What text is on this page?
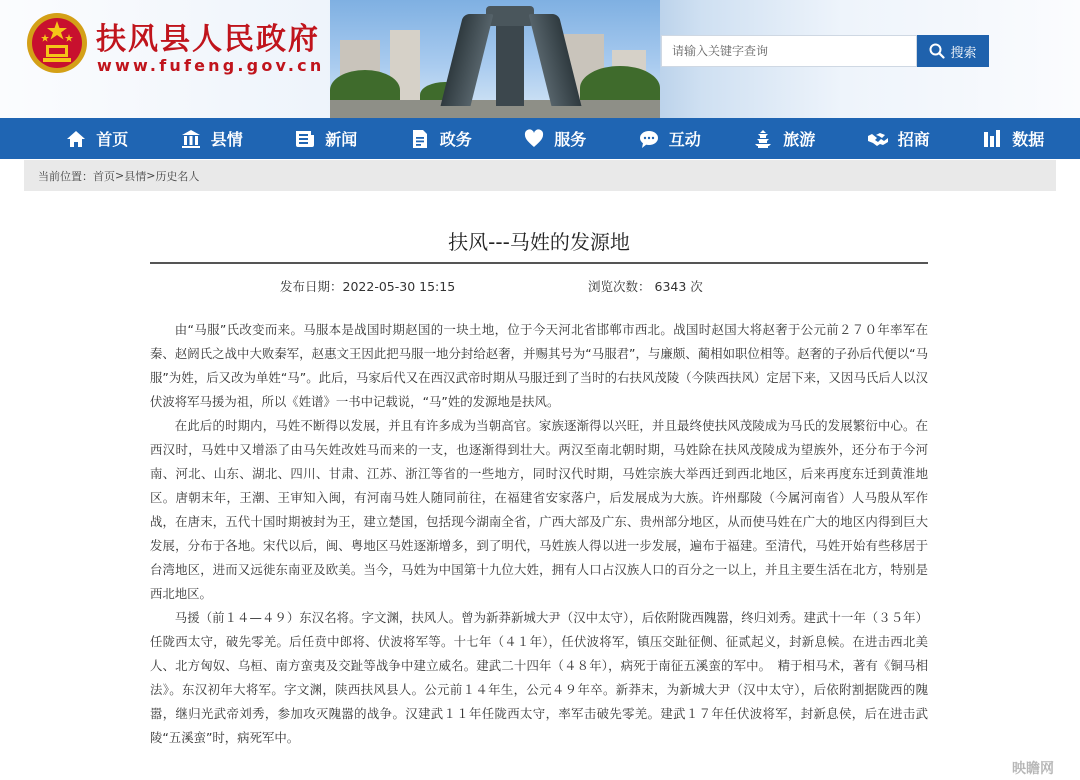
扶风县人民政府
www.fufeng.gov.cn
请输入关键字查询
搜索
首页	县情	新闻	政务	服务	互动	旅游	招商	数据
当前位置： 首页 > 县情 > 历史名人
扶风---马姓的发源地
发布日期：2022-05-30 15:15	浏览次数： 6343 次

由“马服”氏改变而来。马服本是战国时期赵国的一块土地，位于今天河北省邯郸市西北。战国时赵国大将赵奢于公元前２７０年率军在秦、赵阏氏之战中大败秦军，赵惠文王因此把马服一地分封给赵奢，并赐其号为“马服君”，与廉颇、蔺相如职位相等。赵奢的子孙后代便以“马服”为姓，后又改为单姓“马”。此后，马家后代又在西汉武帝时期从马服迁到了当时的右扶风茂陵（今陕西扶风）定居下来，又因马氏后人以汉伏波将军马援为祖，所以《姓谱》一书中记载说，“马”姓的发源地是扶风。

在此后的时期内，马姓不断得以发展，并且有许多成为当朝高官。家族逐渐得以兴旺，并且最终使扶风茂陵成为马氏的发展繁衍中心。在西汉时，马姓中又增添了由马矢姓改姓马而来的一支，也逐渐得到壮大。两汉至南北朝时期，马姓除在扶风茂陵成为望族外，还分布于今河南、河北、山东、湖北、四川、甘肃、江苏、浙江等省的一些地方，同时汉代时期，马姓宗族大举西迁到西北地区，后来再度东迁到黄淮地区。唐朝末年，王潮、王审知入闽，有河南马姓人随同前往，在福建省安家落户，后发展成为大族。许州鄢陵（今属河南省）人马殷从军作战，在唐末，五代十国时期被封为王，建立楚国，包括现今湖南全省，广西大部及广东、贵州部分地区，从而使马姓在广大的地区内得到巨大发展，分布于各地。宋代以后，闽、粤地区马姓逐渐增多，到了明代，马姓族人得以进一步发展，遍布于福建。至清代，马姓开始有些移居于台湾地区，进而又远徙东南亚及欧美。当今，马姓为中国第十九位大姓，拥有人口占汉族人口的百分之一以上，并且主要生活在北方，特别是西北地区。

马援（前１４—４９）东汉名将。字文渊，扶风人。曾为新莽新城大尹（汉中太守），后依附陇西隗嚣，终归刘秀。建武十一年（３５年）任陇西太守，破先零羌。后任贲中郎将、伏波将军等。十七年（４１年），任伏波将军，镇压交趾征侧、征贰起义，封新息候。在进击西北美人、北方匈奴、乌桓、南方蛮夷及交趾等战争中建立威名。建武二十四年（４８年），病死于南征五溪蛮的军中。　精于相马术，著有《铜马相法》。东汉初年大将军。字文渊，陕西扶风县人。公元前１４年生，公元４９年卒。新莽末，为新城大尹（汉中太守），后依附割据陇西的隗嚣，继归光武帝刘秀，参加攻灭隗嚣的战争。汉建武１１年任陇西太守，率军击破先零羌。建武１７年任伏波将军，封新息侯，后在进击武陵“五溪蛮”时，病死军中。

映瞻网
